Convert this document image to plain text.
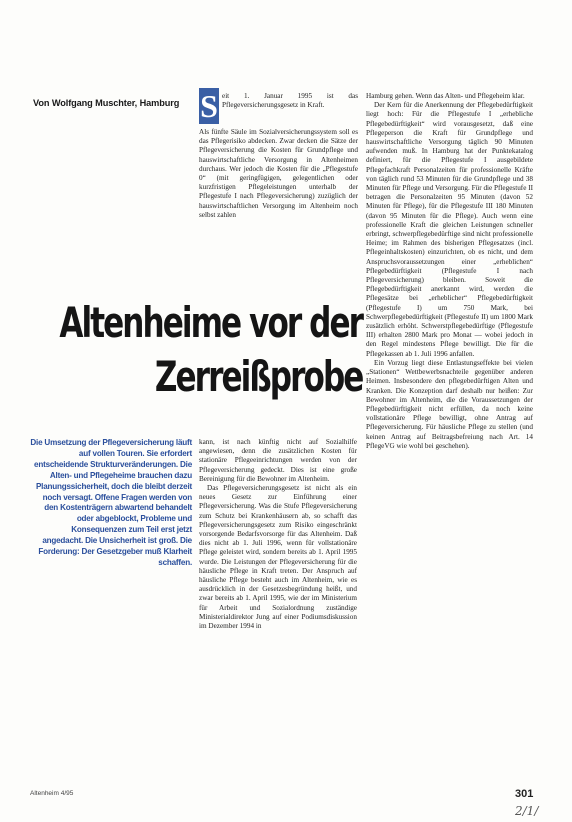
Von Wolfgang Muschter, Hamburg S eit 1. Januar 1995 ist das Pflegeversicherungsgesetz in Kraft.

Als fünfte Säule im Sozialversicherungssystem soll es das Pflegerisiko abdecken. Zwar decken die Sätze der Pflegeversicherung die Kosten für Grundpflege und hauswirtschaftliche Versorgung in Altenheimen durchaus. Wer jedoch die Kosten für die „Pflegestufe 0“ (mit geringfügigen, gelegentlichen oder kurzfristigen Pflegeleistungen unterhalb der Pflegestufe I nach Pflegeversicherung) zuzüglich der hauswirtschaftlichen Versorgung im Altenheim noch selbst zahlen

Altenheime vor der
Zerreißprobe
Die Umsetzung der Pflegeversicherung läuft auf vollen Touren. Sie erfordert entscheidende Strukturveränderungen. Die Alten- und Pflegeheime brauchen dazu Planungssicherheit, doch die bleibt derzeit noch versagt. Offene Fragen werden von den Kostenträgern abwartend behandelt oder abgeblockt, Probleme und Konsequenzen zum Teil erst jetzt angedacht. Die Unsicherheit ist groß. Die Forderung: Der Gesetzgeber muß Klarheit schaffen.

kann, ist nach künftig nicht auf Sozialhilfe angewiesen, denn die zusätzlichen Kosten für stationäre Pflegeeinrichtungen werden von der Pflegeversicherung gedeckt. Dies ist eine große Bereinigung für die Bewohner im Altenheim.

Das Pflegeversicherungsgesetz ist nicht als ein neues Gesetz zur Einführung einer Pflegeversicherung. Was die Stufe Pflegeversicherung zum Schutz bei Krankenhäusern ab, so schafft das Pflegeversicherungsgesetz zum Risiko eingeschränkt vorsorgende Bedarfsvorsorge für das Altenheim. Daß dies nicht ab 1. Juli 1996, wenn für vollstationäre Pflege geleistet wird, sondern bereits ab 1. April 1995 wurde. Die Leistungen der Pflegeversicherung für die häusliche Pflege in Kraft treten. Der Anspruch auf häusliche Pflege besteht auch im Altenheim, wie es ausdrücklich in der Gesetzesbegründung heißt, und zwar bereits ab 1. April 1995, wie der im Ministerium für Arbeit und Sozialordnung zuständige Ministerialdirektor Jung auf einer Podiumsdiskussion im Dezember 1994 in

Hamburg gehen. Wenn das Alten- und Pflegeheim klar.

Der Kern für die Anerkennung der Pflegebedürftigkeit liegt hoch: Für die Pflegestufe I „erhebliche Pflegebedürftigkeit“ wird vorausgesetzt, daß eine Pflegeperson die Kraft für Grundpflege und hauswirtschaftliche Versorgung täglich 90 Minuten aufwenden muß. In Hamburg hat der Punktekatalog definiert, für die Pflegestufe I ausgebildete Pflegefachkraft Personalzeiten für professionelle Kräfte von täglich rund 53 Minuten für die Grundpflege und 38 Minuten für Pflege und Versorgung. Für die Pflegestufe II betragen die Personalzeiten 95 Minuten (davon 52 Minuten für Pflege), für die Pflegestufe III 180 Minuten (davon 95 Minuten für die Pflege). Auch wenn eine professionelle Kraft die gleichen Leistungen schneller erbringt, schwerpflegebedürftige sind nicht professionelle Heime; im Rahmen des bisherigen Pflegesatzes (incl. Pflegeinhaltskosten) einzurichten, ob es nicht, und dem Anspruchsvoraussetzungen einer „erheblichen“ Pflegebedürftigkeit (Pflegestufe I nach Pflegeversicherung) bleiben. Soweit die Pflegebedürftigkeit anerkannt wird, werden die Pflegesätze bei „erheblicher“ Pflegebedürftigkeit (Pflegestufe I) um 750 Mark, bei Schwerpflegebedürftigkeit (Pflegestufe II) um 1800 Mark zusätzlich erhöht. Schwerstpflegebedürftige (Pflegestufe III) erhalten 2800 Mark pro Monat — wobei jedoch in den Regel mindestens Pflege bewilligt. Die für die Pflegekassen ab 1. Juli 1996 anfallen.

Ein Vorzug liegt diese Entlastungseffekte bei vielen „Stationen“ Wettbewerbsnachteile gegenüber anderen Heimen. Insbesondere den pflegebedürftigen Alten und Kranken. Die Konzeption darf deshalb nur heißen: Zur Bewohner im Altenheim, die die Voraussetzungen der Pflegebedürftigkeit nicht erfüllen, da noch keine vollstationäre Pflege bewilligt, ohne Antrag auf Pflegeversicherung. Für häusliche Pflege zu stellen (und keinen Antrag auf Beitragsbefreiung nach Art. 14 PflegeVG wie wohl bei geschehen).

Altenheim 4/95	301
2/1/
